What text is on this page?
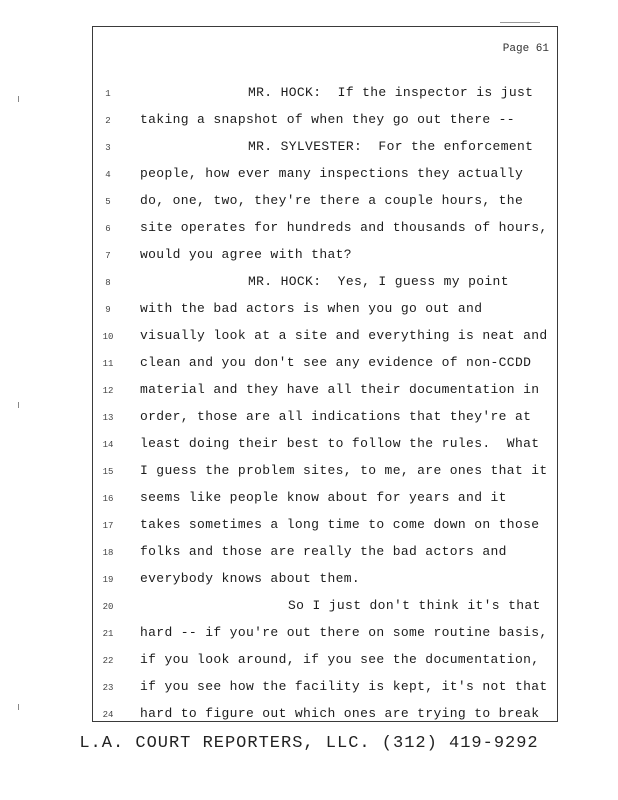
Page 61
1	MR. HOCK:  If the inspector is just
2	taking a snapshot of when they go out there --
3	MR. SYLVESTER:  For the enforcement
4	people, how ever many inspections they actually
5	do, one, two, they're there a couple hours, the
6	site operates for hundreds and thousands of hours,
7	would you agree with that?
8	MR. HOCK:  Yes, I guess my point
9	with the bad actors is when you go out and
10 visually look at a site and everything is neat and
11 clean and you don't see any evidence of non-CCDD
12 material and they have all their documentation in
13 order, those are all indications that they're at
14 least doing their best to follow the rules.  What
15 I guess the problem sites, to me, are ones that it
16 seems like people know about for years and it
17 takes sometimes a long time to come down on those
18 folks and those are really the bad actors and
19 everybody knows about them.
20	So I just don't think it's that
21 hard -- if you're out there on some routine basis,
22 if you look around, if you see the documentation,
23 if you see how the facility is kept, it's not that
24 hard to figure out which ones are trying to break
L.A. COURT REPORTERS, LLC. (312) 419-9292
